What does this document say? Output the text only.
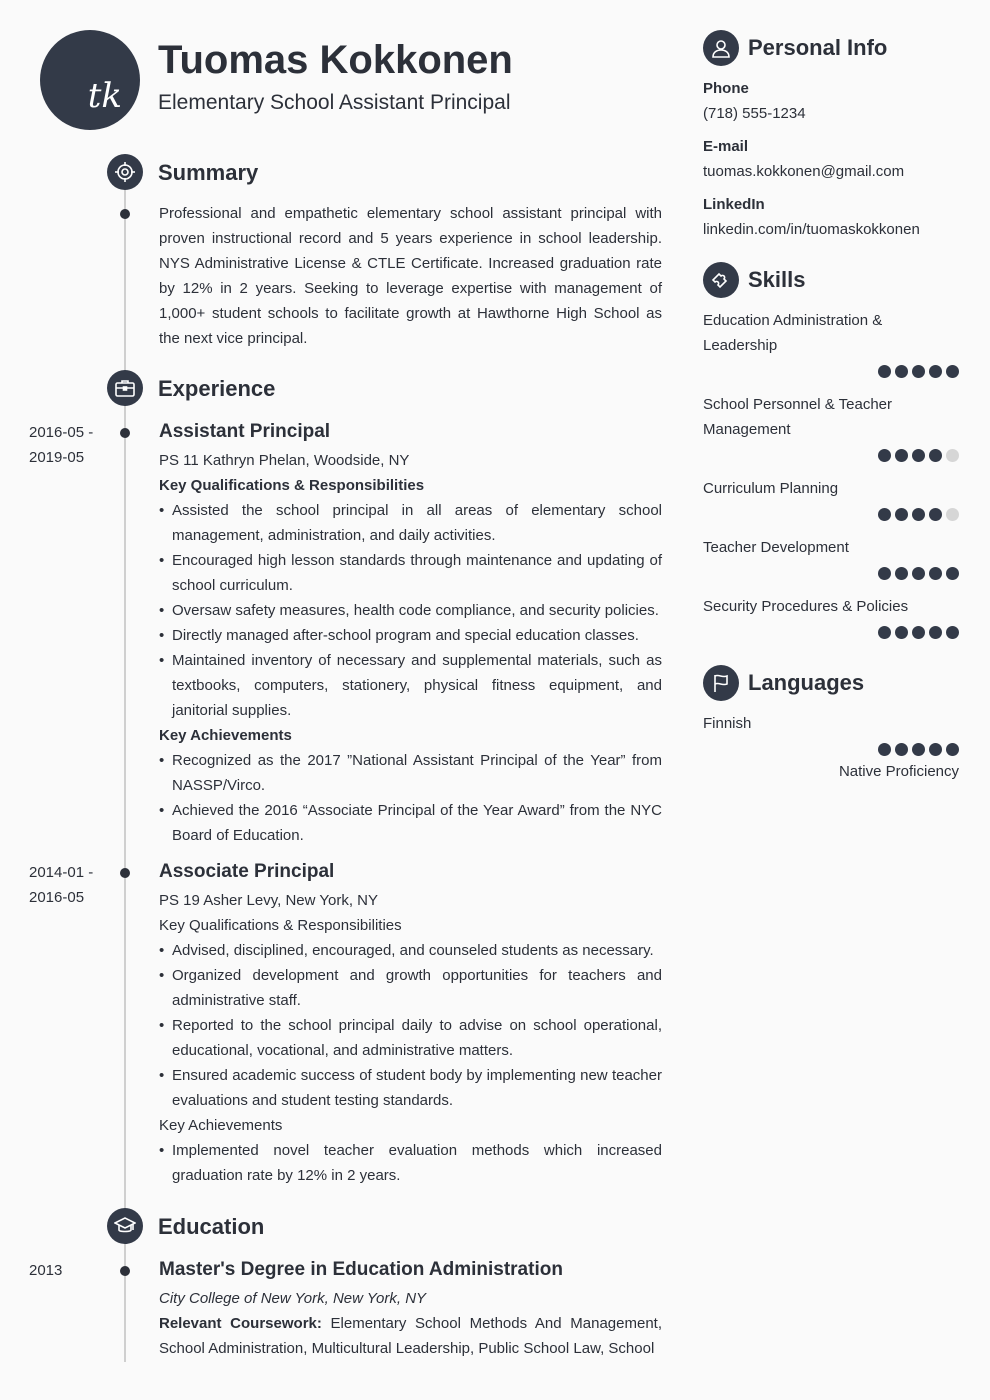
tk
Tuomas Kokkonen
Elementary School Assistant Principal
Summary
Professional and empathetic elementary school assistant principal with proven instructional record and 5 years experience in school leadership. NYS Administrative License & CTLE Certificate. Increased graduation rate by 12% in 2 years. Seeking to leverage expertise with management of 1,000+ student schools to facilitate growth at Hawthorne High School as the next vice principal.
Experience
2016-05 - 2019-05
Assistant Principal
PS 11 Kathryn Phelan, Woodside, NY
Key Qualifications & Responsibilities
• Assisted the school principal in all areas of elementary school management, administration, and daily activities.
• Encouraged high lesson standards through maintenance and updating of school curriculum.
• Oversaw safety measures, health code compliance, and security policies.
• Directly managed after-school program and special education classes.
• Maintained inventory of necessary and supplemental materials, such as textbooks, computers, stationery, physical fitness equipment, and janitorial supplies.
Key Achievements
• Recognized as the 2017 ”National Assistant Principal of the Year” from NASSP/Virco.
• Achieved the 2016 “Associate Principal of the Year Award” from the NYC Board of Education.
2014-01 - 2016-05
Associate Principal
PS 19 Asher Levy, New York, NY
Key Qualifications & Responsibilities
• Advised, disciplined, encouraged, and counseled students as necessary.
• Organized development and growth opportunities for teachers and administrative staff.
• Reported to the school principal daily to advise on school operational, educational, vocational, and administrative matters.
• Ensured academic success of student body by implementing new teacher evaluations and student testing standards.
Key Achievements
• Implemented novel teacher evaluation methods which increased graduation rate by 12% in 2 years.
Education
2013	Master's Degree in Education Administration
City College of New York, New York, NY
Relevant Coursework: Elementary School Methods And Management, School Administration, Multicultural Leadership, Public School Law, School
Personal Info
Phone
(718) 555-1234
E-mail
tuomas.kokkonen@gmail.com
LinkedIn
linkedin.com/in/tuomaskokkonen
Skills
Education Administration & Leadership
School Personnel & Teacher Management
Curriculum Planning
Teacher Development
Security Procedures & Policies
Languages
Finnish
Native Proficiency
